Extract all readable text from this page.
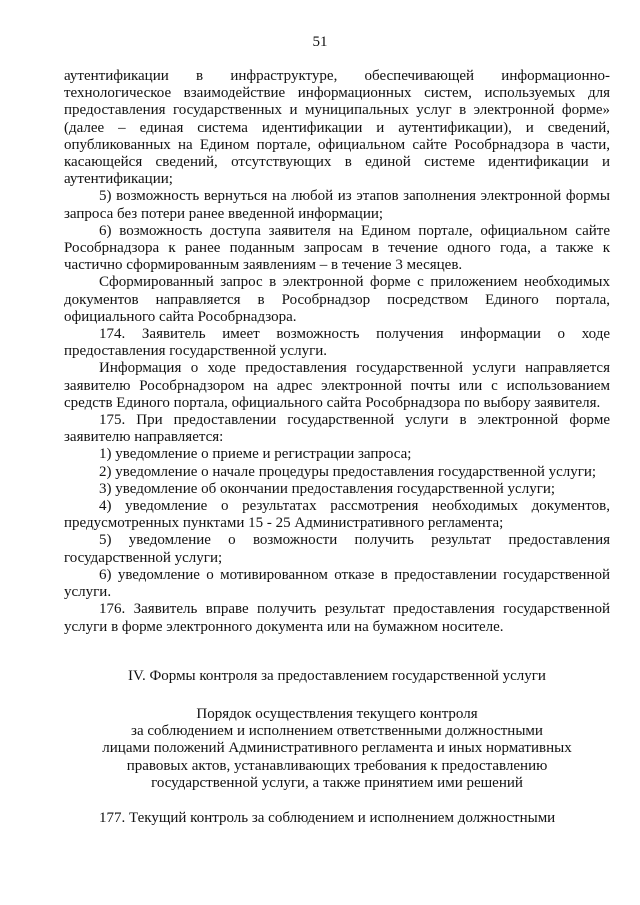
51

аутентификации в инфраструктуре, обеспечивающей информационно-технологическое взаимодействие информационных систем, используемых для предоставления государственных и муниципальных услуг в электронной форме» (далее – единая система идентификации и аутентификации), и сведений, опубликованных на Едином портале, официальном сайте Рособрнадзора в части, касающейся сведений, отсутствующих в единой системе идентификации и аутентификации;

5) возможность вернуться на любой из этапов заполнения электронной формы запроса без потери ранее введенной информации;

6) возможность доступа заявителя на Едином портале, официальном сайте Рособрнадзора к ранее поданным запросам в течение одного года, а также к частично сформированным заявлениям – в течение 3 месяцев.

Сформированный запрос в электронной форме с приложением необходимых документов направляется в Рособрнадзор посредством Единого портала, официального сайта Рособрнадзора.

174. Заявитель имеет возможность получения информации о ходе предоставления государственной услуги.

Информация о ходе предоставления государственной услуги направляется заявителю Рособрнадзором на адрес электронной почты или с использованием средств Единого портала, официального сайта Рособрнадзора по выбору заявителя.

175. При предоставлении государственной услуги в электронной форме заявителю направляется:

1) уведомление о приеме и регистрации запроса;

2) уведомление о начале процедуры предоставления государственной услуги;

3) уведомление об окончании предоставления государственной услуги;

4) уведомление о результатах рассмотрения необходимых документов, предусмотренных пунктами 15 - 25 Административного регламента;

5) уведомление о возможности получить результат предоставления государственной услуги;

6) уведомление о мотивированном отказе в предоставлении государственной услуги.

176. Заявитель вправе получить результат предоставления государственной услуги в форме электронного документа или на бумажном носителе.

IV. Формы контроля за предоставлением государственной услуги

Порядок осуществления текущего контроля
за соблюдением и исполнением ответственными должностными
лицами положений Административного регламента и иных нормативных
правовых актов, устанавливающих требования к предоставлению
государственной услуги, а также принятием ими решений

177. Текущий контроль за соблюдением и исполнением должностными
